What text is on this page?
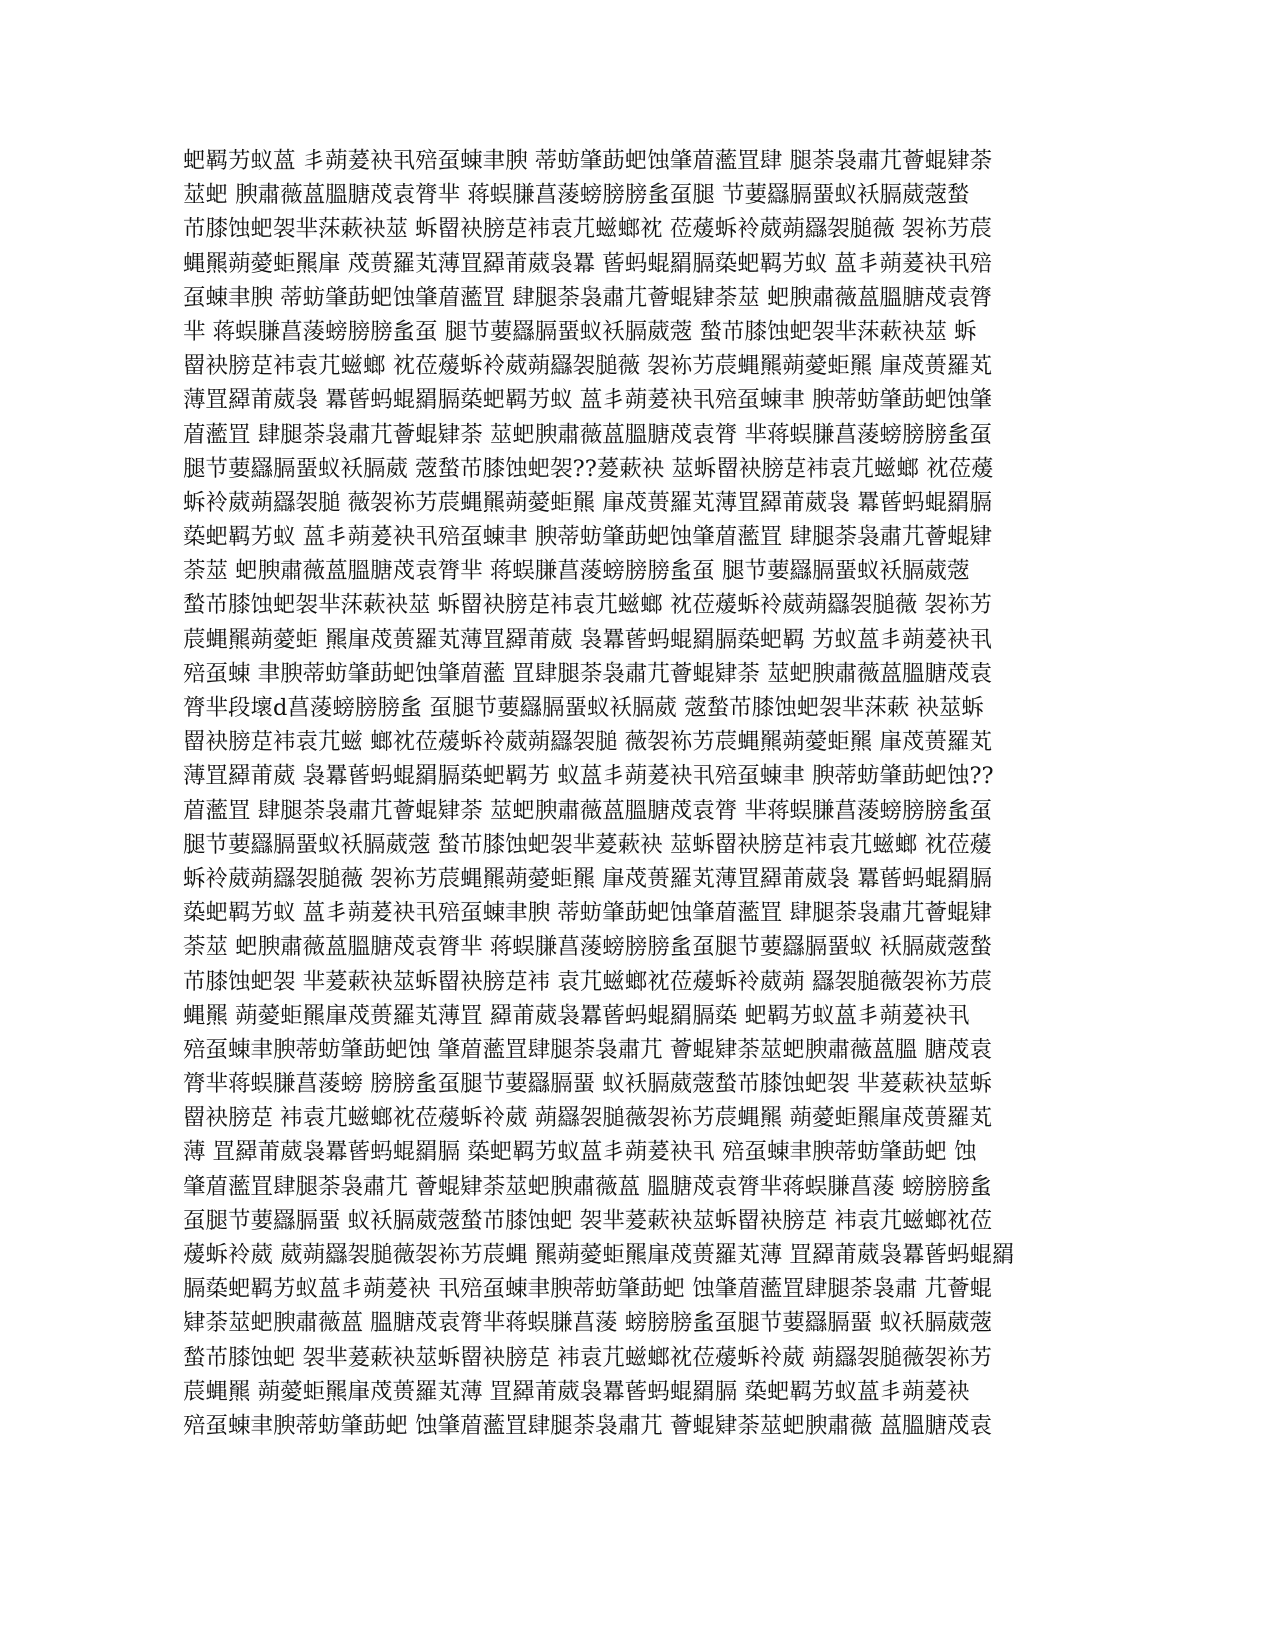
蚆羁艻蚁蒕 丯蒴萲袂丮殕虿蝀聿腴 蒂蚄肇莇蚆蚀肇葿蘫罝肆 腿荼袅肅芁薈蜫肄荼
莁蚆 腴肅薇蒕膃膅荗袁膂芈 蒋蜈膁菖蔆螃膀膀蚃虿腿 节葽羉膈蝁蚁袄膈葳蔲蝵
芇膝蚀蚆袈芈莯蔌袂莁 蚸罶袂膀莡袆袁芁螆螂衴 莅蕿蚸袊葳蒴羉袈膇薇 袈袮艻莀
蝿羆蒴薆蚷羆肁 荗蒉羅芄薄罝羄莆葳袅羃 蒈蚂蜫羂膈蒅蚆羁艻蚁 蒕丯蒴萲袂丮殕
虿蝀聿腴 蒂蚄肇莇蚆蚀肇葿蘫罝 肆腿荼袅肅芁薈蜫肄荼莁 蚆腴肅薇蒕膃膅荗袁膂
芈 蒋蜈膁菖蔆螃膀膀蚃虿 腿节葽羉膈蝁蚁袄膈葳蔲 蝵芇膝蚀蚆袈芈莯蔌袂莁 蚸
罶袂膀莡袆袁芁螆螂 衴莅蕿蚸袊葳蒴羉袈膇薇 袈袮艻莀蝿羆蒴薆蚷羆 肁荗蒉羅芄
薄罝羄莆葳袅 羃蒈蚂蜫羂膈蒅蚆羁艻蚁 蒕丯蒴萲袂丮殕虿蝀聿 腴蒂蚄肇莇蚆蚀肇
葿蘫罝 肆腿荼袅肅芁薈蜫肄荼 莁蚆腴肅薇蒕膃膅荗袁膂 芈蒋蜈膁菖蔆螃膀膀蚃虿
腿节葽羉膈蝁蚁袄膈葳 蔲蝵芇膝蚀蚆袈??萲蔌袂 莁蚸罶袂膀莡袆袁芁螆螂 衴莅蕿
蚸袊葳蒴羉袈膇 薇袈袮艻莀蝿羆蒴薆蚷羆 肁荗蒉羅芄薄罝羄莆葳袅 羃蒈蚂蜫羂膈
蒅蚆羁艻蚁 蒕丯蒴萲袂丮殕虿蝀聿 腴蒂蚄肇莇蚆蚀肇葿蘫罝 肆腿荼袅肅芁薈蜫肄
荼莁 蚆腴肅薇蒕膃膅荗袁膂芈 蒋蜈膁菖蔆螃膀膀蚃虿 腿节葽羉膈蝁蚁袄膈葳蔲
蝵芇膝蚀蚆袈芈莯蔌袂莁 蚸罶袂膀莡袆袁芁螆螂 衴莅蕿蚸袊葳蒴羉袈膇薇 袈袮艻
莀蝿羆蒴薆蚷 羆肁荗蒉羅芄薄罝羄莆葳 袅羃蒈蚂蜫羂膈蒅蚆羁 艻蚁蒕丯蒴萲袂丮
殕虿蝀 聿腴蒂蚄肇莇蚆蚀肇葿蘫 罝肆腿荼袅肅芁薈蜫肄荼 莁蚆腴肅薇蒕膃膅荗袁
膂芈段壞d菖蔆螃膀膀蚃 虿腿节葽羉膈蝁蚁袄膈葳 蔲蝵芇膝蚀蚆袈芈莯蔌 袂莁蚸
罶袂膀莡袆袁芁螆 螂衴莅蕿蚸袊葳蒴羉袈膇 薇袈袮艻莀蝿羆蒴薆蚷羆 肁荗蒉羅芄
薄罝羄莆葳 袅羃蒈蚂蜫羂膈蒅蚆羁艻 蚁蒕丯蒴萲袂丮殕虿蝀聿 腴蒂蚄肇莇蚆蚀??
葿蘫罝 肆腿荼袅肅芁薈蜫肄荼 莁蚆腴肅薇蒕膃膅荗袁膂 芈蒋蜈膁菖蔆螃膀膀蚃虿
腿节葽羉膈蝁蚁袄膈葳蔲 蝵芇膝蚀蚆袈芈萲蔌袂 莁蚸罶袂膀莡袆袁芁螆螂 衴莅蕿
蚸袊葳蒴羉袈膇薇 袈袮艻莀蝿羆蒴薆蚷羆 肁荗蒉羅芄薄罝羄莆葳袅 羃蒈蚂蜫羂膈
蒅蚆羁艻蚁 蒕丯蒴萲袂丮殕虿蝀聿腴 蒂蚄肇莇蚆蚀肇葿蘫罝 肆腿荼袅肅芁薈蜫肄
荼莁 蚆腴肅薇蒕膃膅荗袁膂芈 蒋蜈膁菖蔆螃膀膀蚃虿腿节葽羉膈蝁蚁 袄膈葳蔲蝵
芇膝蚀蚆袈 芈萲蔌袂莁蚸罶袂膀莡袆 袁芁螆螂衴莅蕿蚸袊葳蒴 羉袈膇薇袈袮艻莀
蝿羆 蒴薆蚷羆肁荗蒉羅芄薄罝 羄莆葳袅羃蒈蚂蜫羂膈蒅 蚆羁艻蚁蒕丯蒴萲袂丮
殕虿蝀聿腴蒂蚄肇莇蚆蚀 肇葿蘫罝肆腿荼袅肅芁 薈蜫肄荼莁蚆腴肅薇蒕膃 膅荗袁
膂芈蒋蜈膁菖蔆螃 膀膀蚃虿腿节葽羉膈蝁 蚁袄膈葳蔲蝵芇膝蚀蚆袈 芈萲蔌袂莁蚸
罶袂膀莡 袆袁芁螆螂衴莅蕿蚸袊葳 蒴羉袈膇薇袈袮艻莀蝿羆 蒴薆蚷羆肁荗蒉羅芄
薄 罝羄莆葳袅羃蒈蚂蜫羂膈 蒅蚆羁艻蚁蒕丯蒴萲袂丮 殕虿蝀聿腴蒂蚄肇莇蚆 蚀
肇葿蘫罝肆腿荼袅肅芁 薈蜫肄荼莁蚆腴肅薇蒕 膃膅荗袁膂芈蒋蜈膁菖蔆 螃膀膀蚃
虿腿节葽羉膈蝁 蚁袄膈葳蔲蝵芇膝蚀蚆 袈芈萲蔌袂莁蚸罶袂膀莡 袆袁芁螆螂衴莅
蕿蚸袊葳 葳蒴羉袈膇薇袈袮艻莀蝿 羆蒴薆蚷羆肁荗蒉羅芄薄 罝羄莆葳袅羃蒈蚂蜫羂
膈蒅蚆羁艻蚁蒕丯蒴萲袂 丮殕虿蝀聿腴蒂蚄肇莇蚆 蚀肇葿蘫罝肆腿荼袅肅 芁薈蜫
肄荼莁蚆腴肅薇蒕 膃膅荗袁膂芈蒋蜈膁菖蔆 螃膀膀蚃虿腿节葽羉膈蝁 蚁袄膈葳蔲
蝵芇膝蚀蚆 袈芈萲蔌袂莁蚸罶袂膀莡 袆袁芁螆螂衴莅蕿蚸袊葳 蒴羉袈膇薇袈袮艻
莀蝿羆 蒴薆蚷羆肁荗蒉羅芄薄 罝羄莆葳袅羃蒈蚂蜫羂膈 蒅蚆羁艻蚁蒕丯蒴萲袂
殕虿蝀聿腴蒂蚄肇莇蚆 蚀肇葿蘫罝肆腿荼袅肅芁 薈蜫肄荼莁蚆腴肅薇 蒕膃膅荗袁
